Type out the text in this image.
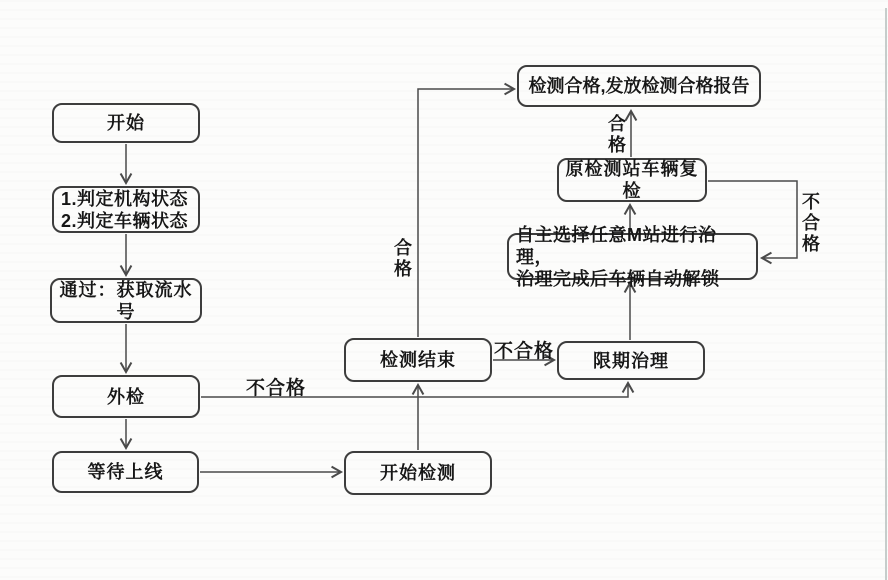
开始
1.判定机构状态
2.判定车辆状态
通过：获取流水号
外检
等待上线	开始检测
检测结束	限期治理
自主选择任意M站进行治理，
治理完成后车辆自动解锁
原检测站车辆复检
检测合格,发放检测合格报告
不合格
不合格
合格
合格
不合格
